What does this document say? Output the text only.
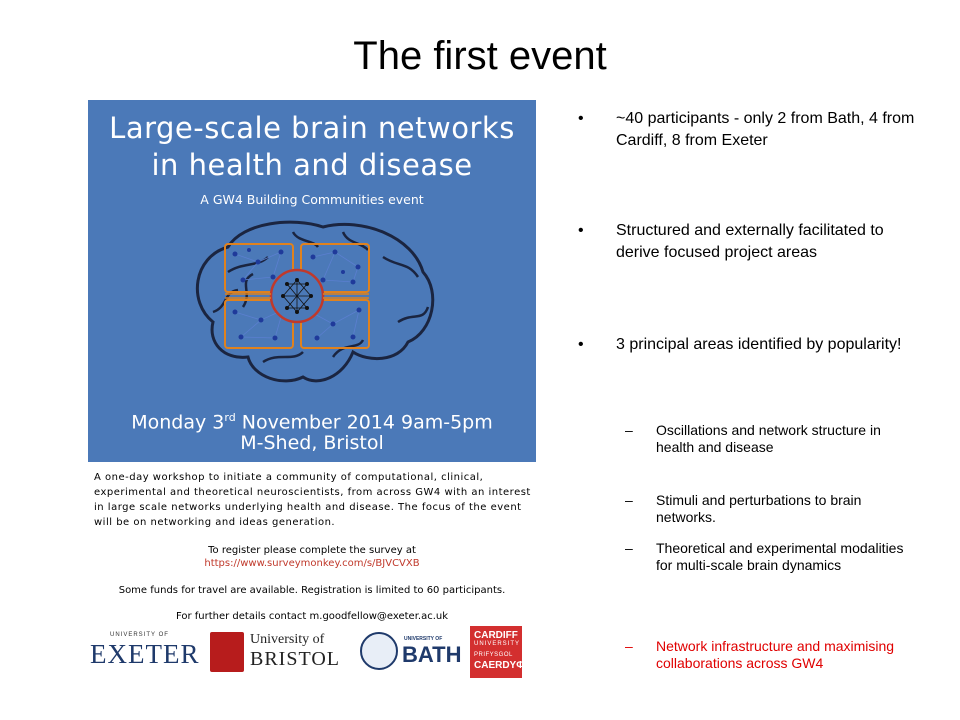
The first event
Large-scale brain networks
in health and disease
A GW4 Building Communities event
Monday 3rd November 2014 9am-5pm
M-Shed, Bristol
A one-day workshop to initiate a community of computational, clinical, experimental and theoretical neuroscientists, from across GW4 with an interest in large scale networks underlying health and disease. The focus of the event will be on networking and ideas generation.
To register please complete the survey at
https://www.surveymonkey.com/s/BJVCVXB
Some funds for travel are available. Registration is limited to 60 participants.
For further details contact m.goodfellow@exeter.ac.uk
UNIVERSITY OF
EXETER	University of
BRISTOL
UNIVERSITY OF
BATH
CARDIFF
UNIVERSITY
PRIFYSGOL
CAERDYΦ
• ~40 participants - only 2 from Bath, 4 from Cardiff, 8 from Exeter
• Structured and externally facilitated to derive focused project areas
• 3 principal areas identified by popularity!
– Oscillations and network structure in health and disease
– Stimuli and perturbations to brain networks.
– Theoretical and experimental modalities for multi-scale brain dynamics
– Network infrastructure and maximising collaborations across GW4
